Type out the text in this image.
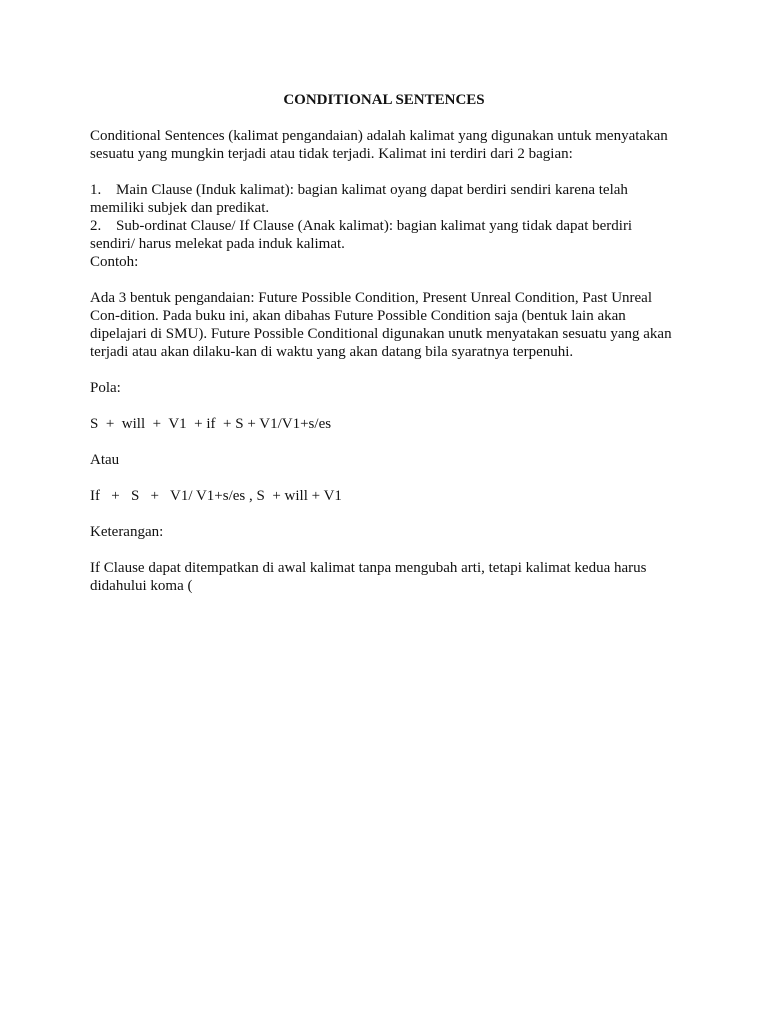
CONDITIONAL SENTENCES

Conditional Sentences (kalimat pengandaian) adalah kalimat yang digunakan untuk menyatakan sesuatu yang mungkin terjadi atau tidak terjadi. Kalimat ini terdiri dari 2 bagian:

1. Main Clause (Induk kalimat): bagian kalimat oyang dapat berdiri sendiri karena telah memiliki subjek dan predikat.

2. Sub-ordinat Clause/ If Clause (Anak kalimat): bagian kalimat yang tidak dapat berdiri sendiri/ harus melekat pada induk kalimat.

Contoh:

Ada 3 bentuk pengandaian: Future Possible Condition, Present Unreal Condition, Past Unreal Con-dition. Pada buku ini, akan dibahas Future Possible Condition saja (bentuk lain akan dipelajari di SMU). Future Possible Conditional digunakan unutk menyatakan sesuatu yang akan terjadi atau akan dilaku-kan di waktu yang akan datang bila syaratnya terpenuhi.

Pola:

S  +  will  +  V1  + if  + S + V1/V1+s/es

Atau

If   +   S   +   V1/ V1+s/es , S  + will + V1

Keterangan:

If Clause dapat ditempatkan di awal kalimat tanpa mengubah arti, tetapi kalimat kedua harus didahului koma (
